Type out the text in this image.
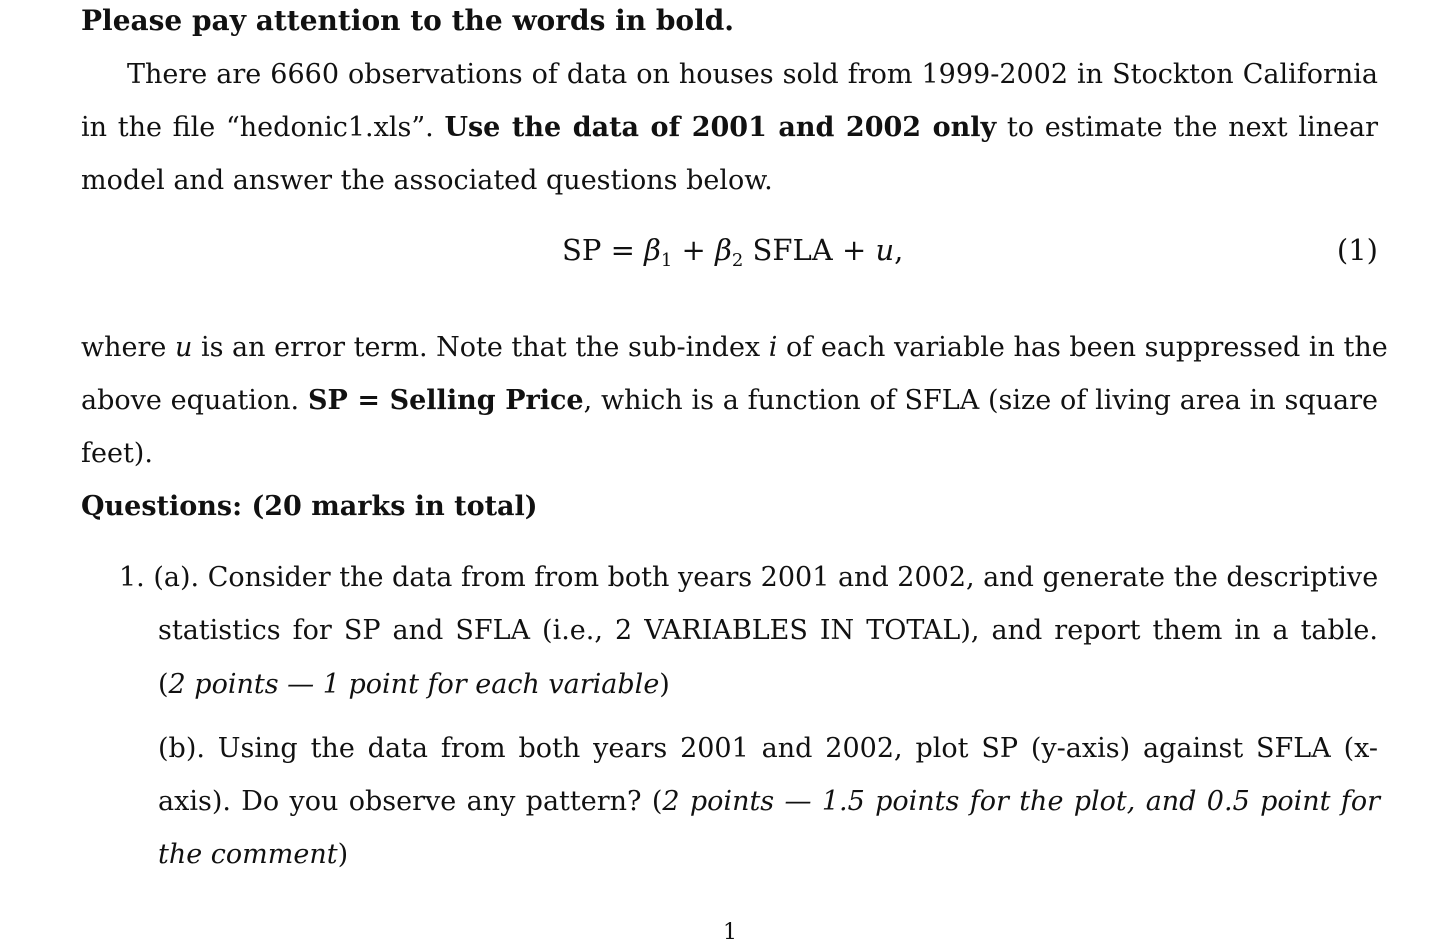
Please pay attention to the words in bold.
There are 6660 observations of data on houses sold from 1999-2002 in Stockton California
in the file “hedonic1.xls”. Use the data of 2001 and 2002 only to estimate the next linear
model and answer the associated questions below.
SP = $\beta_1 + \beta_2$ SFLA + u,	(1)
where u is an error term. Note that the sub-index i of each variable has been suppressed in the
above equation. SP = Selling Price, which is a function of SFLA (size of living area in square
feet).
Questions: (20 marks in total)
1. (a). Consider the data from from both years 2001 and 2002, and generate the descriptive
statistics for SP and SFLA (i.e., 2 VARIABLES IN TOTAL), and report them in a table.
(2 points — 1 point for each variable)
(b). Using the data from both years 2001 and 2002, plot SP (y-axis) against SFLA (x-
axis). Do you observe any pattern? (2 points — 1.5 points for the plot, and 0.5 point for
the comment)
1
